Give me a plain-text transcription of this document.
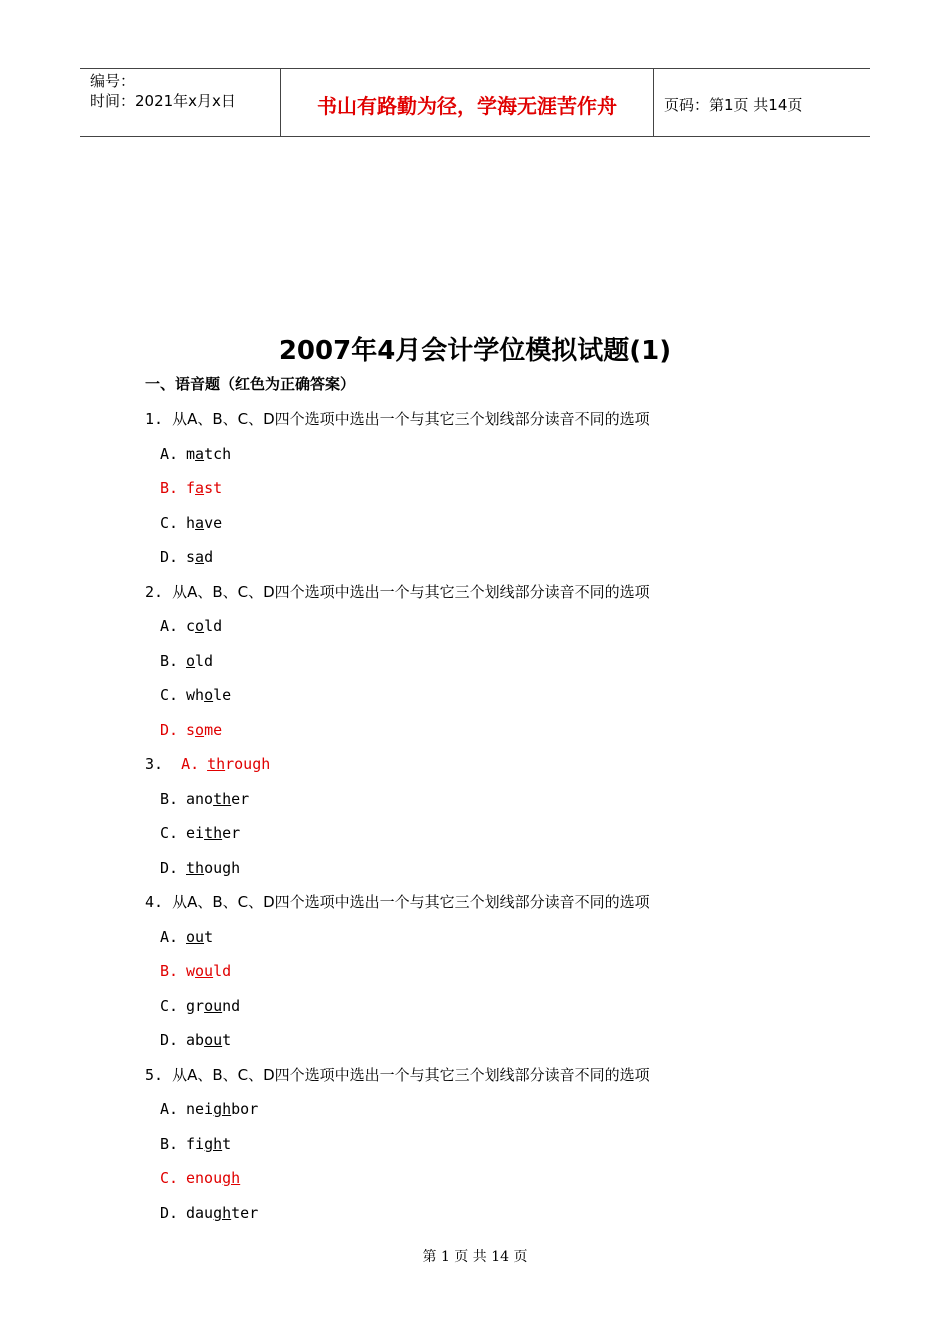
编号：
时间：2021年x月x日	书山有路勤为径，学海无涯苦作舟	页码：第1页 共14页
2007年4月会计学位模拟试题(1)
一、语音题（红色为正确答案）
1. 从A、B、C、D四个选项中选出一个与其它三个划线部分读音不同的选项
A. match
B. fast
C. have
D. sad
2. 从A、B、C、D四个选项中选出一个与其它三个划线部分读音不同的选项
A. cold
B. old
C. whole
D. some
3. A. through
B. another
C. either
D. though
4. 从A、B、C、D四个选项中选出一个与其它三个划线部分读音不同的选项
A. out
B. would
C. ground
D. about
5. 从A、B、C、D四个选项中选出一个与其它三个划线部分读音不同的选项
A. neighbor
B. fight
C. enough
D. daughter
第 1 页 共 14 页
